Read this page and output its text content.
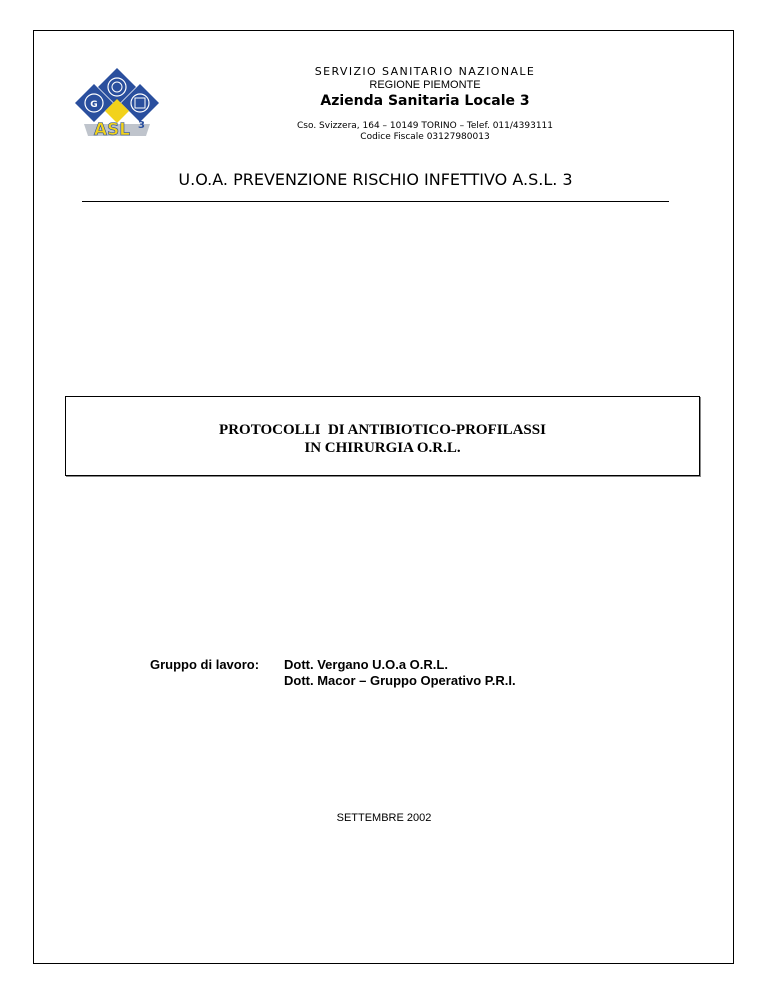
G
ASL 3
SERVIZIO SANITARIO NAZIONALE
REGIONE PIEMONTE
Azienda Sanitaria Locale 3
Cso. Svizzera, 164 – 10149 TORINO – Telef. 011/4393111
Codice Fiscale 03127980013
U.O.A. PREVENZIONE RISCHIO INFETTIVO A.S.L. 3
PROTOCOLLI  DI ANTIBIOTICO-PROFILASSI
IN CHIRURGIA O.R.L.
Gruppo di lavoro: Dott. Vergano U.O.a O.R.L.
Dott. Macor – Gruppo Operativo P.R.I.
SETTEMBRE 2002
